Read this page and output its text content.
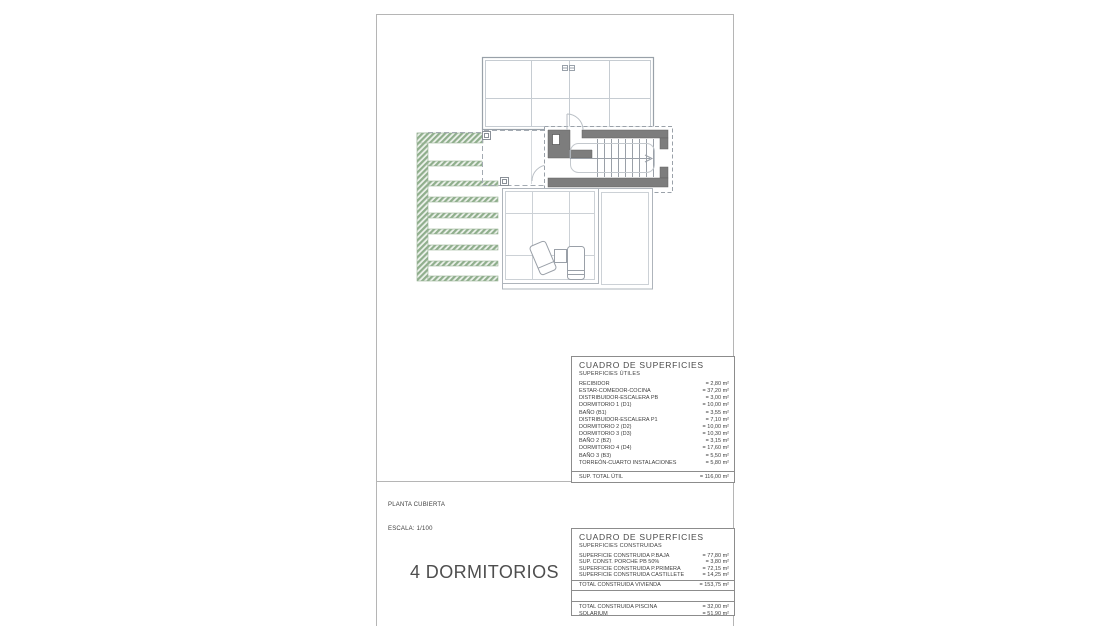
CUADRO DE SUPERFICIES
SUPERFICIES ÚTILES
RECIBIDOR	= 2,80 m²
ESTAR-COMEDOR-COCINA	= 37,20 m²
DISTRIBUIDOR-ESCALERA PB	= 3,00 m²
DORMITORIO 1 (D1)	= 10,00 m²
BAÑO (B1)	= 3,55 m²
DISTRIBUIDOR-ESCALERA P1	= 7,10 m²
DORMITORIO 2 (D2)	= 10,00 m²
DORMITORIO 3 (D3)	= 10,30 m²
BAÑO 2 (B2)	= 3,15 m²
DORMITORIO 4 (D4)	= 17,60 m²
BAÑO 3 (B3)	= 5,50 m²
TORREÓN-CUARTO INSTALACIONES	= 5,80 m²
SUP. TOTAL ÚTIL	= 116,00 m²
CUADRO DE SUPERFICIES
SUPERFICIES CONSTRUIDAS
SUPERFICIE CONSTRUIDA P.BAJA	= 77,80 m²
SUP. CONST. PORCHE PB 50%	= 3,80 m²
SUPERFICIE CONSTRUIDA P.PRIMERA	= 72,15 m²
SUPERFICIE CONSTRUIDA CASTILLETE	= 14,25 m²
TOTAL CONSTRUIDA VIVIENDA	= 153,75 m²
TOTAL CONSTRUIDA PISCINA	= 32,00 m²
SOLARIUM	= 51,90 m²

PLANTA CUBIERTA

ESCALA: 1/100

4 DORMITORIOS
